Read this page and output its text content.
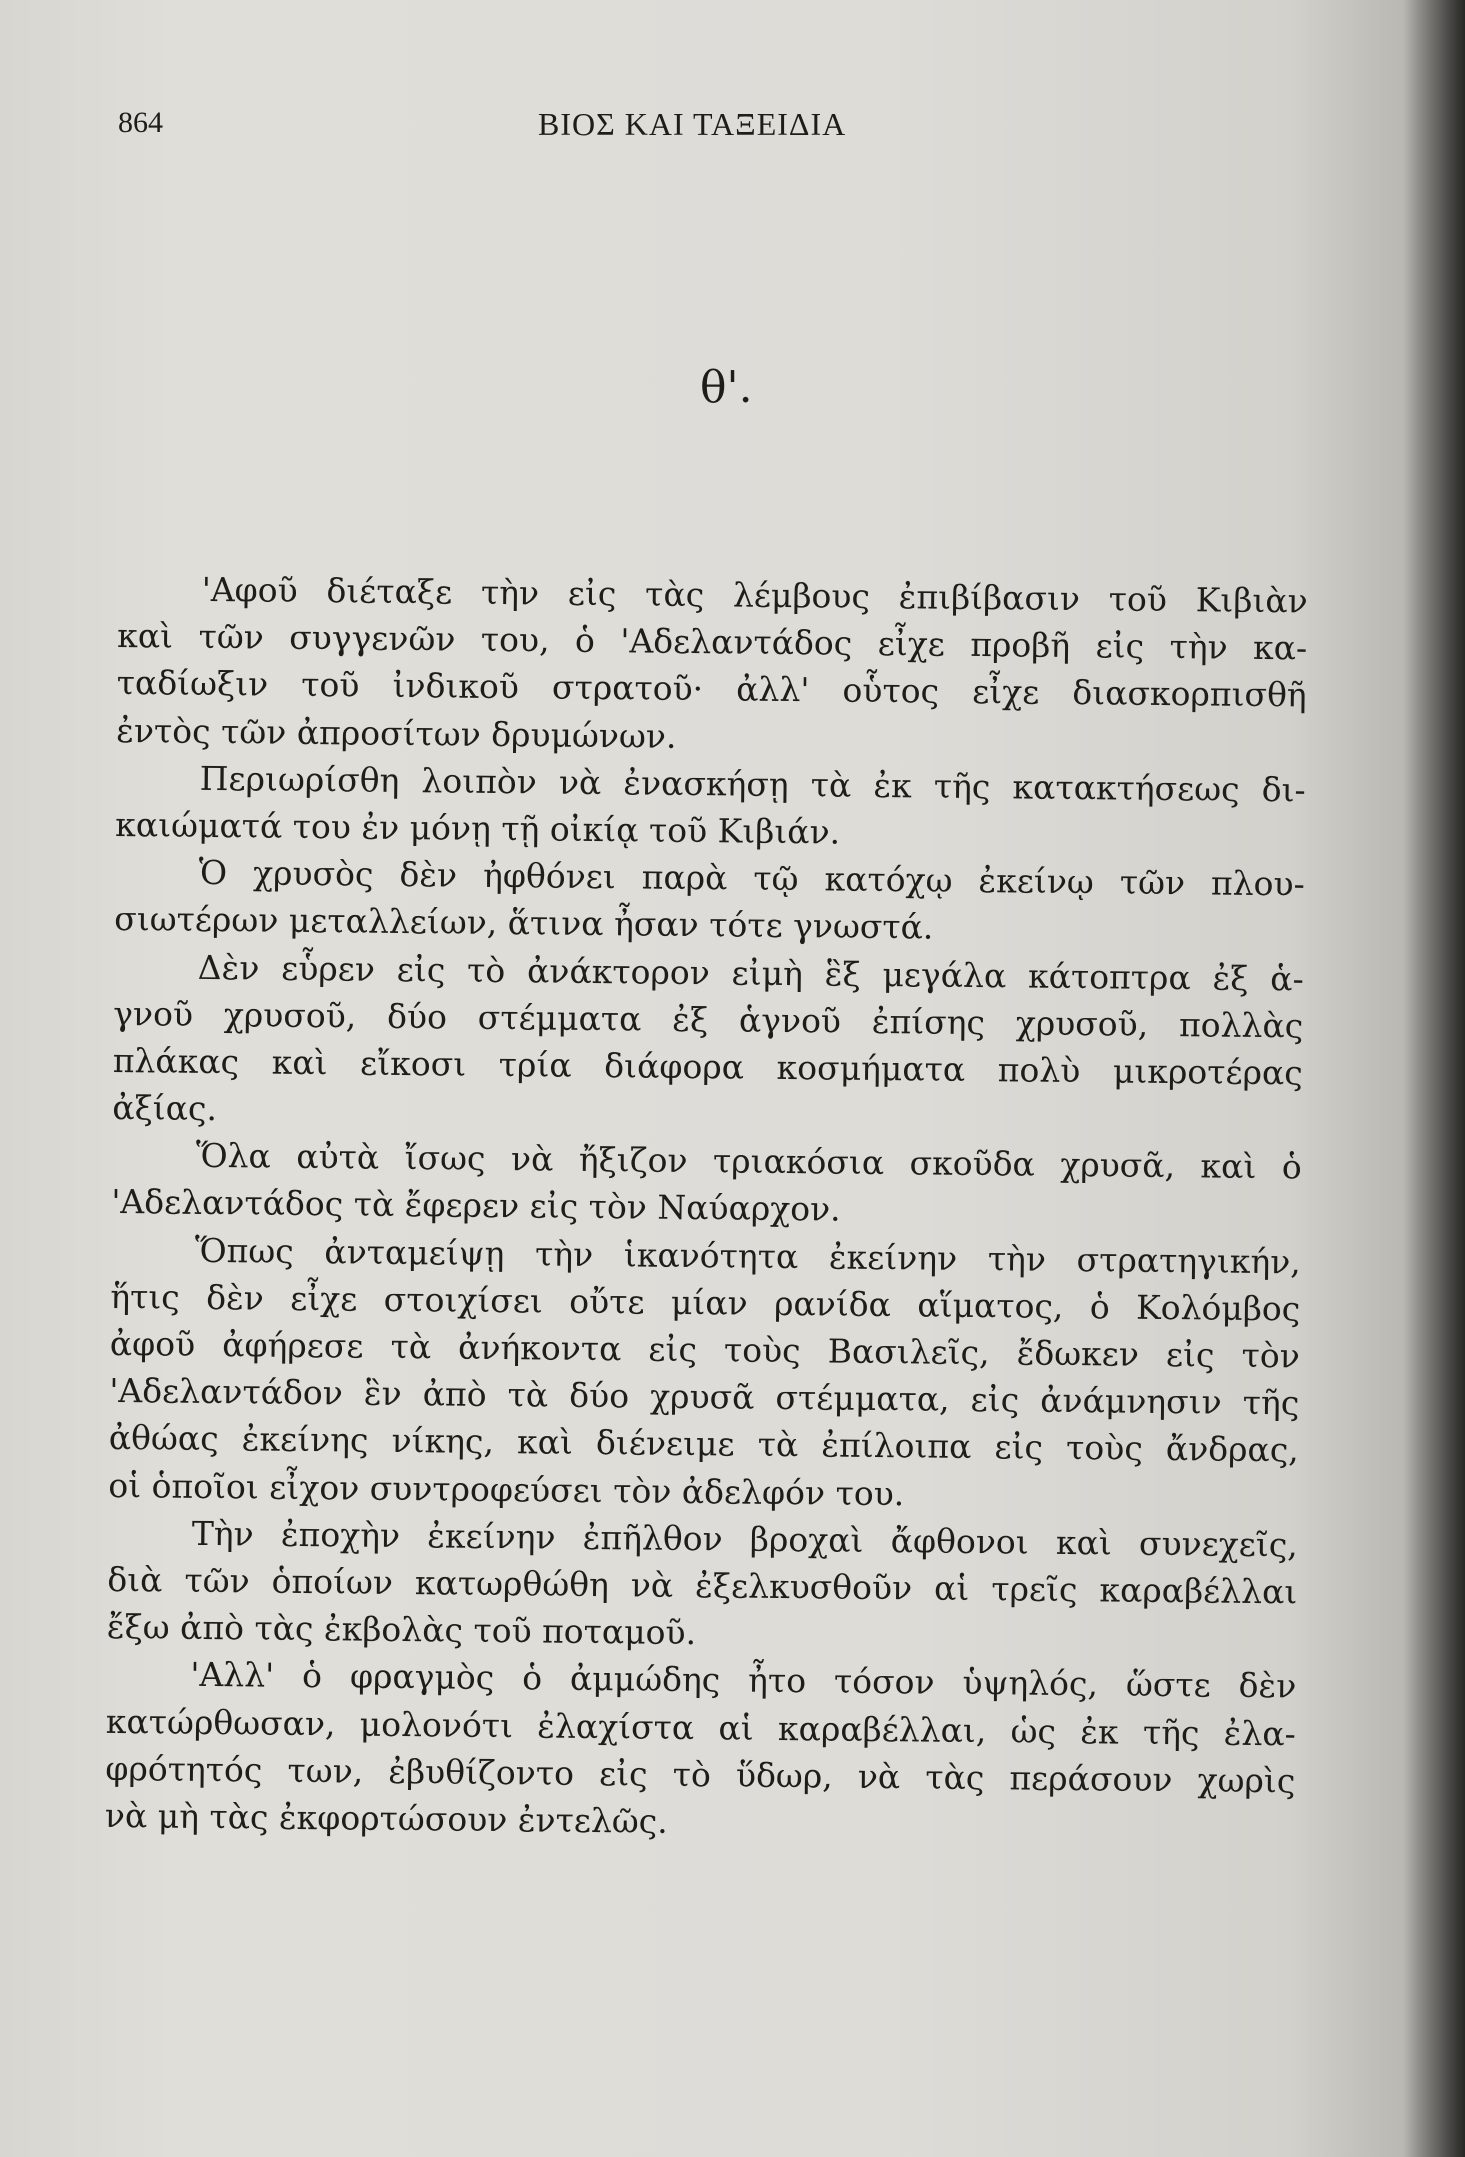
864	ΒΙΟΣ ΚΑΙ ΤΑΞΕΙΔΙΑ
θ'.
'Αφοῦ διέταξε τὴν εἰς τὰς λέμβους ἐπιβίβασιν τοῦ Κιβιὰν
καὶ τῶν συγγενῶν του, ὁ 'Αδελαντάδος εἶχε προβῆ εἰς τὴν κα-
ταδίωξιν τοῦ ἰνδικοῦ στρατοῦ· ἀλλ' οὗτος εἶχε διασκορπισθῆ
ἐντὸς τῶν ἀπροσίτων δρυμώνων.
Περιωρίσθη λοιπὸν νὰ ἐνασκήσῃ τὰ ἐκ τῆς κατακτήσεως δι-
καιώματά του ἐν μόνῃ τῇ οἰκίᾳ τοῦ Κιβιάν.
Ὁ χρυσὸς δὲν ἠφθόνει παρὰ τῷ κατόχῳ ἐκείνῳ τῶν πλου-
σιωτέρων μεταλλείων, ἅτινα ἦσαν τότε γνωστά.
Δὲν εὗρεν εἰς τὸ ἀνάκτορον εἰμὴ ἓξ μεγάλα κάτοπτρα ἐξ ἁ-
γνοῦ χρυσοῦ, δύο στέμματα ἐξ ἁγνοῦ ἐπίσης χρυσοῦ, πολλὰς
πλάκας καὶ εἴκοσι τρία διάφορα κοσμήματα πολὺ μικροτέρας
ἀξίας.
Ὅλα αὐτὰ ἴσως νὰ ἤξιζον τριακόσια σκοῦδα χρυσᾶ, καὶ ὁ
'Αδελαντάδος τὰ ἔφερεν εἰς τὸν Ναύαρχον.
Ὅπως ἀνταμείψῃ τὴν ἱκανότητα ἐκείνην τὴν στρατηγικήν,
ἥτις δὲν εἶχε στοιχίσει οὔτε μίαν ρανίδα αἵματος, ὁ Κολόμβος
ἀφοῦ ἀφήρεσε τὰ ἀνήκοντα εἰς τοὺς Βασιλεῖς, ἔδωκεν εἰς τὸν
'Αδελαντάδον ἓν ἀπὸ τὰ δύο χρυσᾶ στέμματα, εἰς ἀνάμνησιν τῆς
ἀθώας ἐκείνης νίκης, καὶ διένειμε τὰ ἐπίλοιπα εἰς τοὺς ἄνδρας,
οἱ ὁποῖοι εἶχον συντροφεύσει τὸν ἀδελφόν του.
Τὴν ἐποχὴν ἐκείνην ἐπῆλθον βροχαὶ ἄφθονοι καὶ συνεχεῖς,
διὰ τῶν ὁποίων κατωρθώθη νὰ ἐξελκυσθοῦν αἱ τρεῖς καραβέλλαι
ἔξω ἀπὸ τὰς ἐκβολὰς τοῦ ποταμοῦ.
'Αλλ' ὁ φραγμὸς ὁ ἀμμώδης ἦτο τόσον ὑψηλός, ὥστε δὲν
κατώρθωσαν, μολονότι ἐλαχίστα αἱ καραβέλλαι, ὡς ἐκ τῆς ἐλα-
φρότητός των, ἐβυθίζοντο εἰς τὸ ὕδωρ, νὰ τὰς περάσουν χωρὶς
νὰ μὴ τὰς ἐκφορτώσουν ἐντελῶς.
